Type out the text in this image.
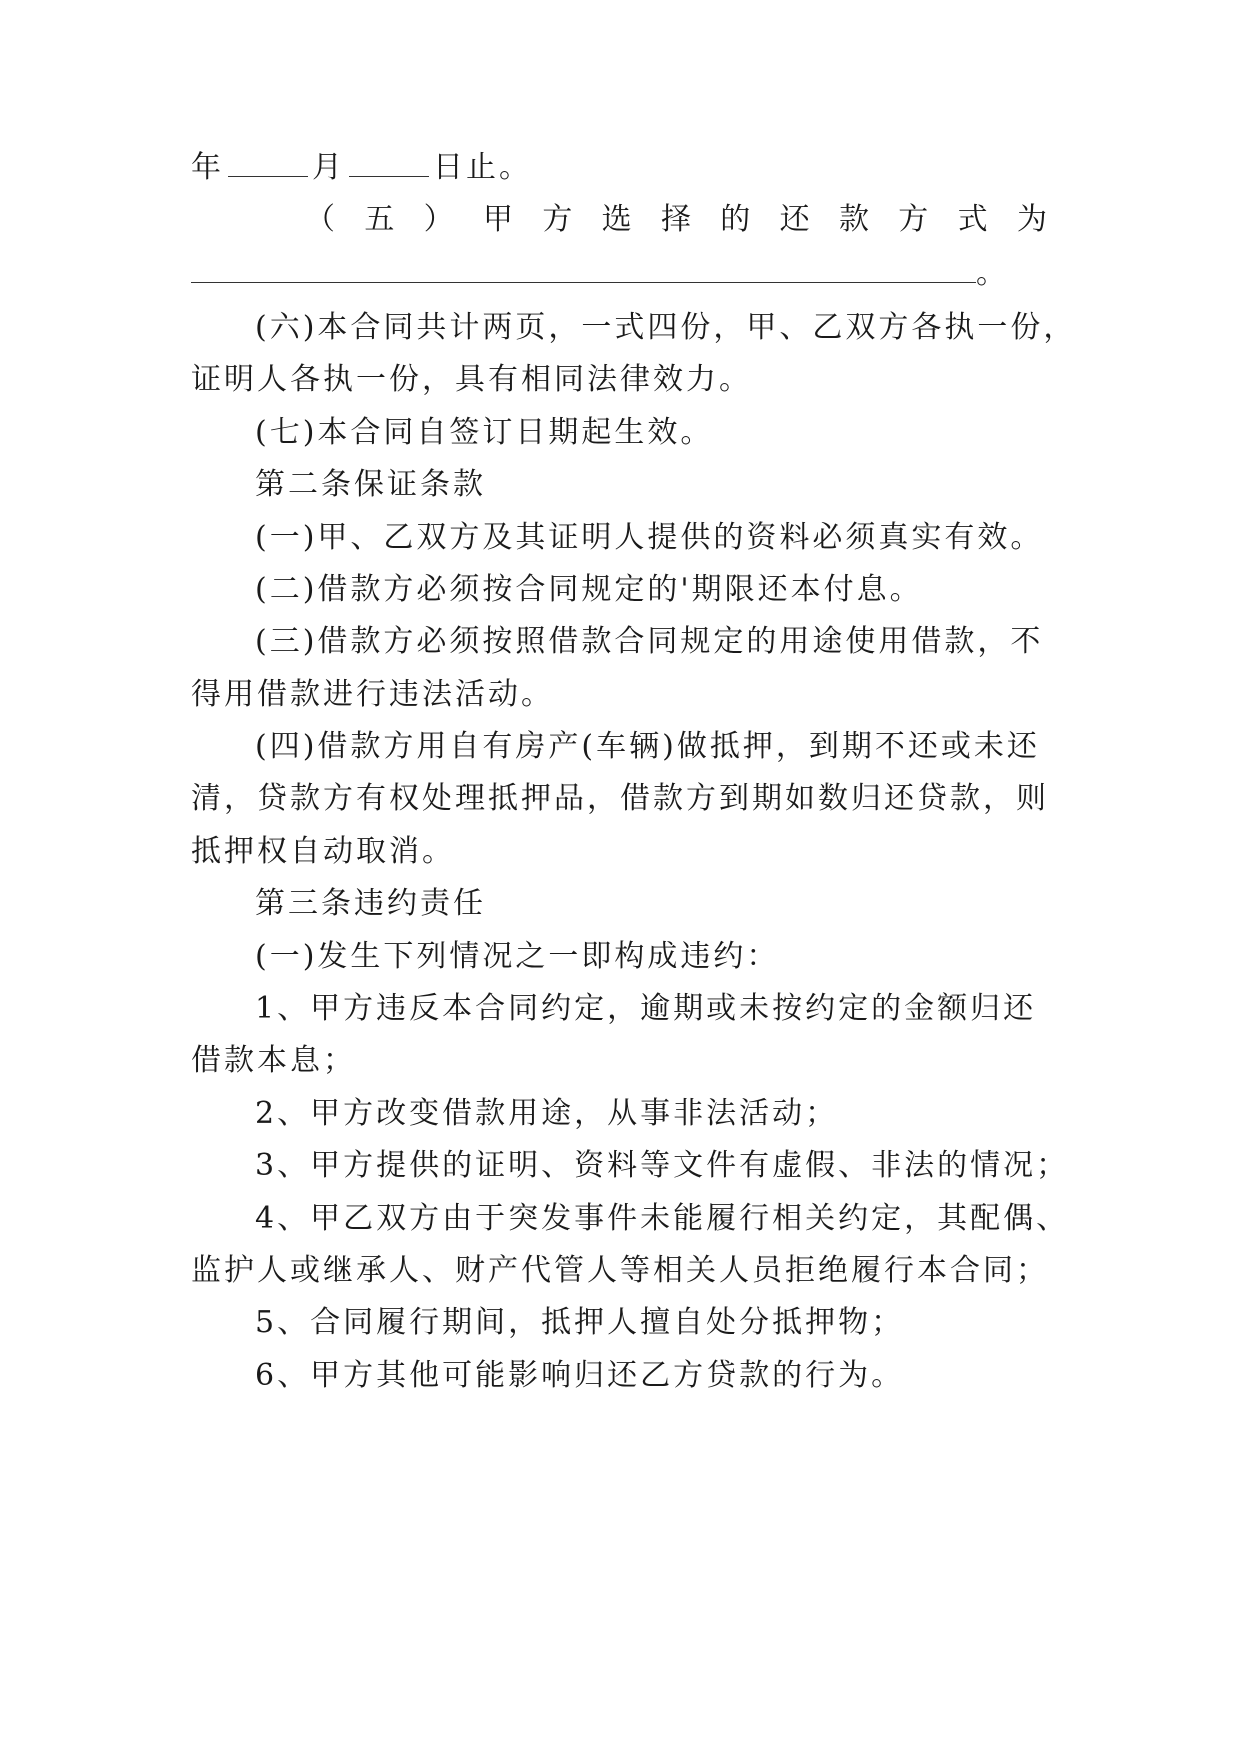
年	月	日止。
（ 五 ） 甲 方 选 择 的 还 款 方 式 为
。
(六)本合同共计两页，一式四份，甲、乙双方各执一份，
证明人各执一份，具有相同法律效力。
(七)本合同自签订日期起生效。
第二条保证条款
(一)甲、乙双方及其证明人提供的资料必须真实有效。
(二)借款方必须按合同规定的'期限还本付息。
(三)借款方必须按照借款合同规定的用途使用借款，不
得用借款进行违法活动。
(四)借款方用自有房产(车辆)做抵押，到期不还或未还
清，贷款方有权处理抵押品，借款方到期如数归还贷款，则
抵押权自动取消。
第三条违约责任
(一)发生下列情况之一即构成违约：
1、甲方违反本合同约定，逾期或未按约定的金额归还
借款本息；
2、甲方改变借款用途，从事非法活动；
3、甲方提供的证明、资料等文件有虚假、非法的情况；
4、甲乙双方由于突发事件未能履行相关约定，其配偶、
监护人或继承人、财产代管人等相关人员拒绝履行本合同；
5、合同履行期间，抵押人擅自处分抵押物；
6、甲方其他可能影响归还乙方贷款的行为。
